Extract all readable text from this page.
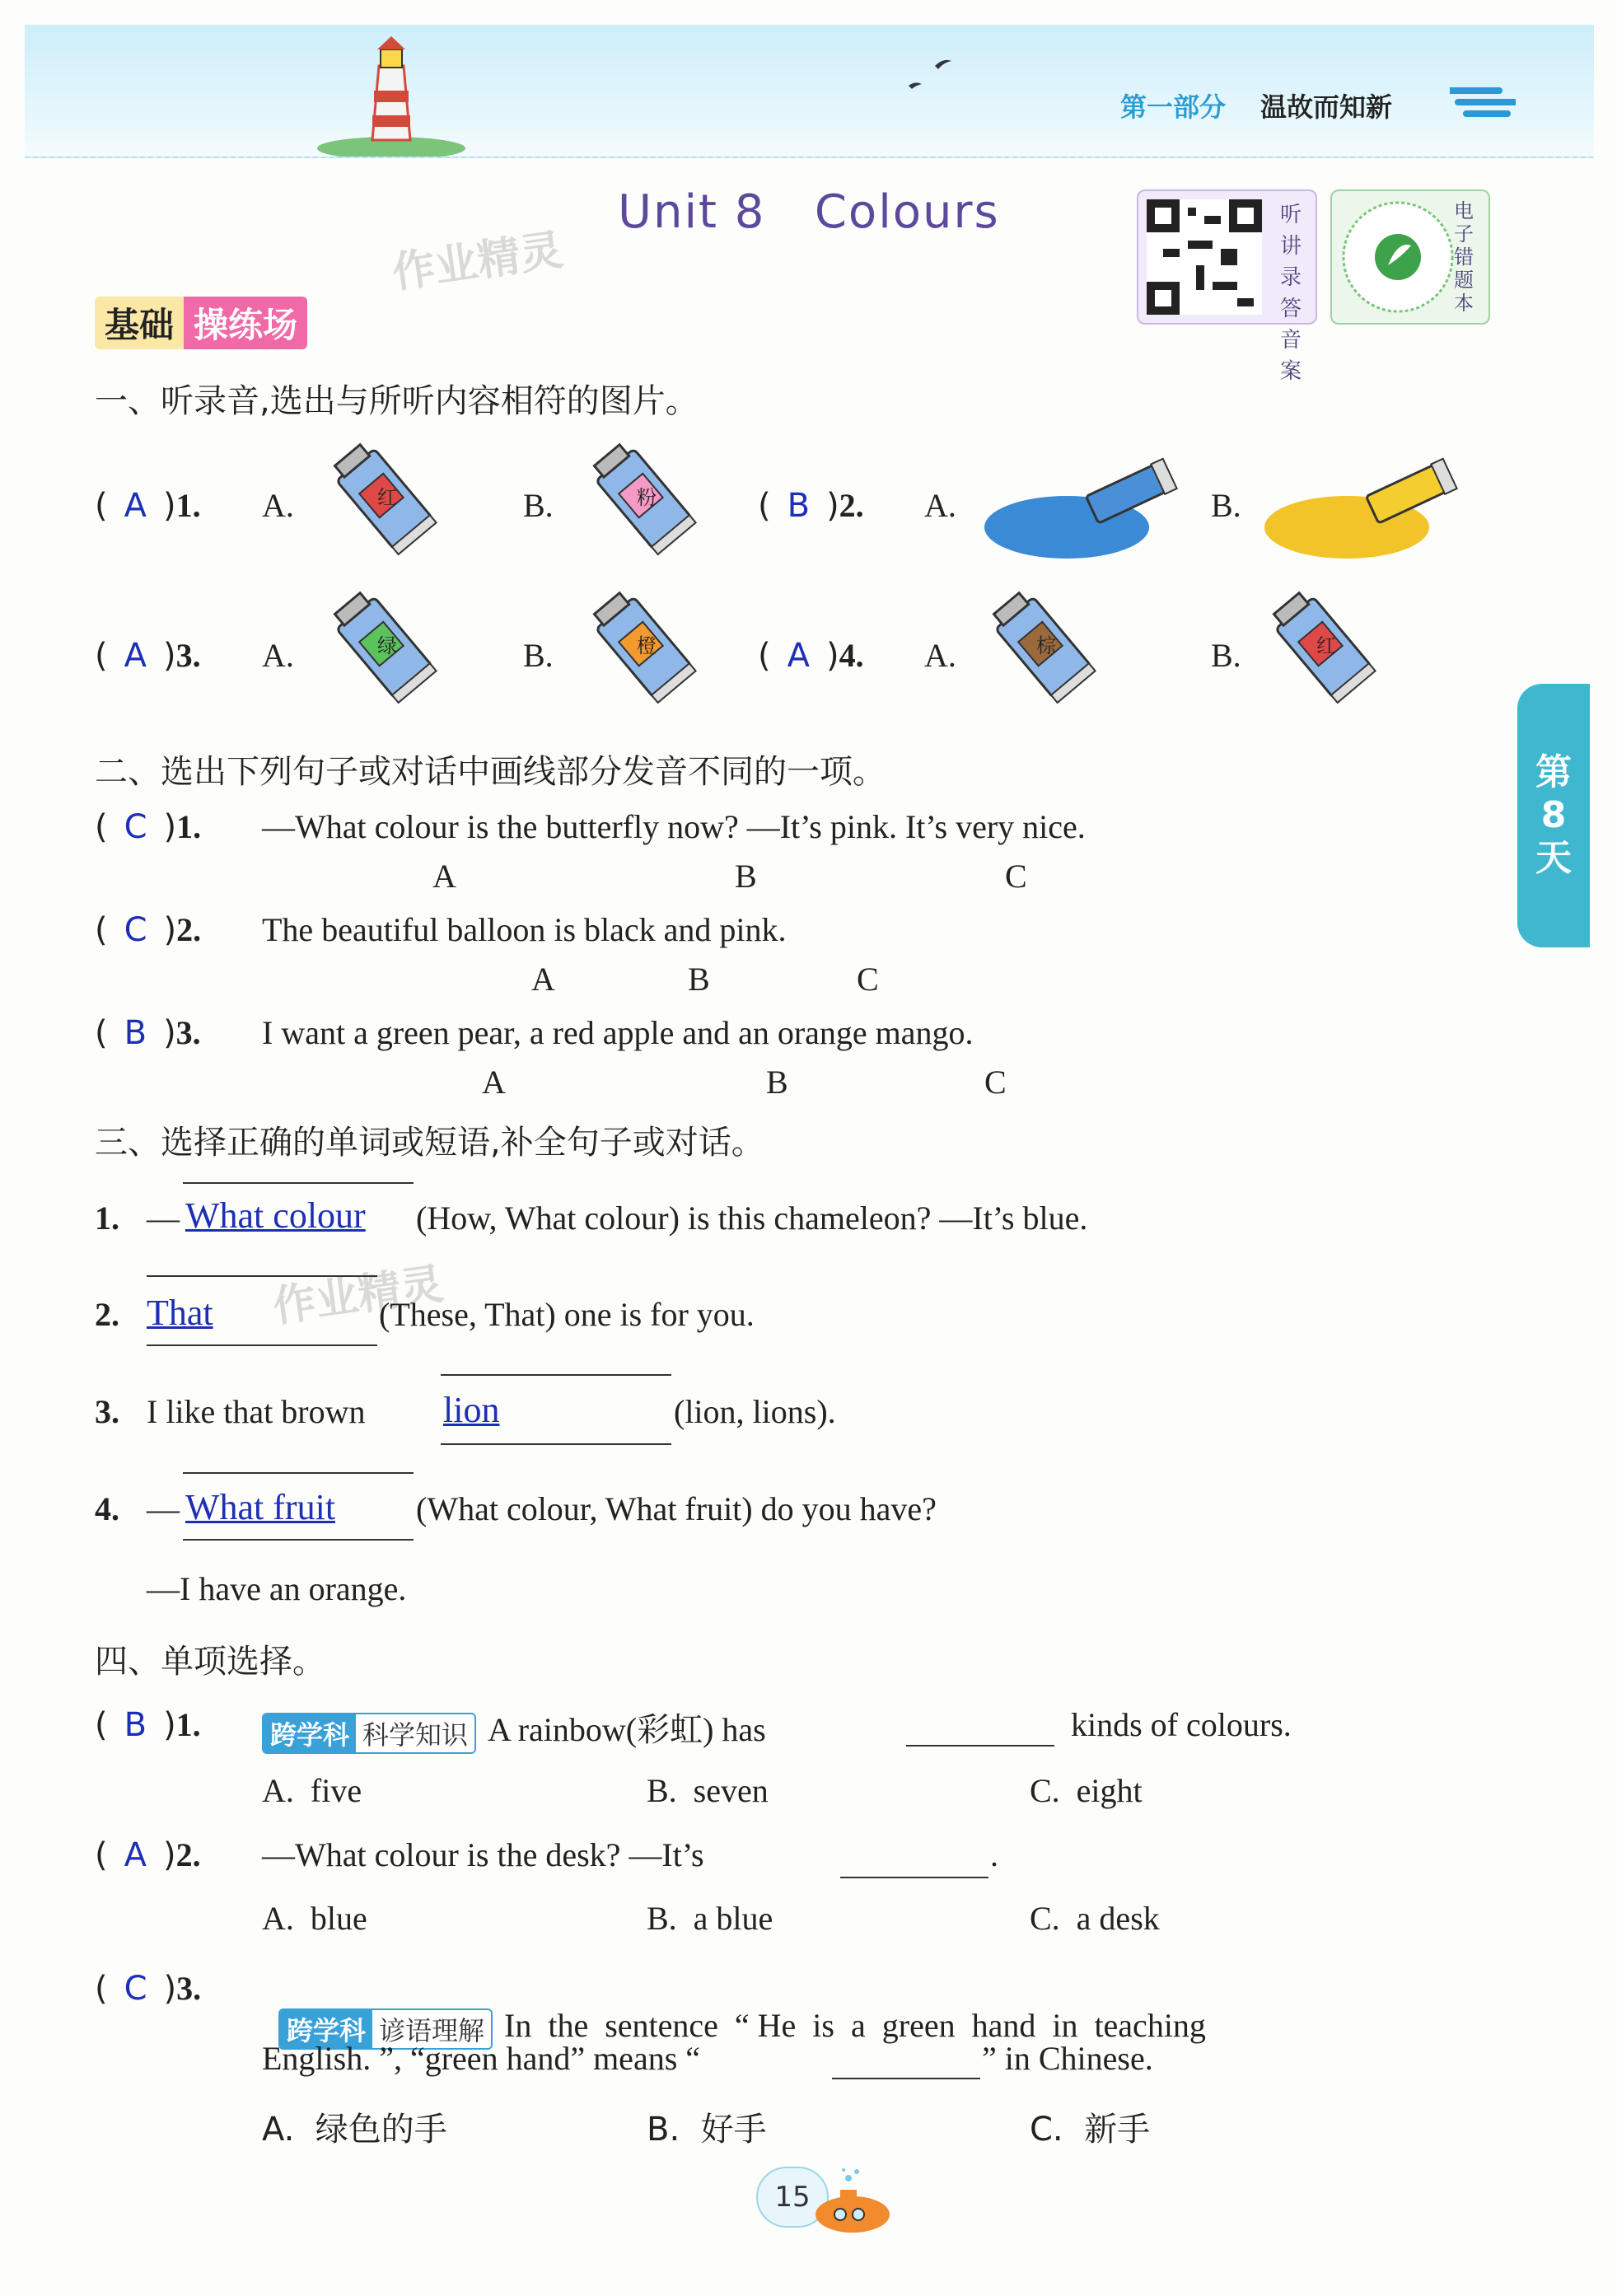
第一部分 温故而知新
Unit 8   Colours	听讲
录答
音案
电
子
错
题
本
作业精灵
作业精灵
基础 操练场
一、听录音,选出与所听内容相符的图片。
( A )1. A.	B.	( B )2. A.	B.
红	粉
( A )3. A.	B.	( A )4. A.	B.
绿	橙	棕	红
二、选出下列句子或对话中画线部分发音不同的一项。
( C )1. —What colour is the butterfly now? —It’s pink. It’s very nice.
A	B	C
( C )2. The beautiful balloon is black and pink.
A	B	C
( B )3. I want a green pear, a red apple and an orange mango.
A	B	C
三、选择正确的单词或短语,补全句子或对话。
1. — What colour (How, What colour) is this chameleon? —It’s blue.
2. That	(These, That) one is for you.
3. I like that brown lion	(lion, lions).
4. — What fruit (What colour, What fruit) do you have?
—I have an orange.
四、单项选择。
( B )1.	跨学科 科学知识 A rainbow(彩虹) has	kinds of colours.
A.  five	B.  seven	C.  eight
( A )2. —What colour is the desk? —It’s	.
A.  blue	B.  a blue	C.  a desk
( C )3.

跨学科 谚语理解 In  the  sentence  “ He  is  a  green  hand  in  teaching

English. ”, “green hand” means “	” in Chinese.
A.  绿色的手	B.  好手	C.  新手
第
8
天
15
